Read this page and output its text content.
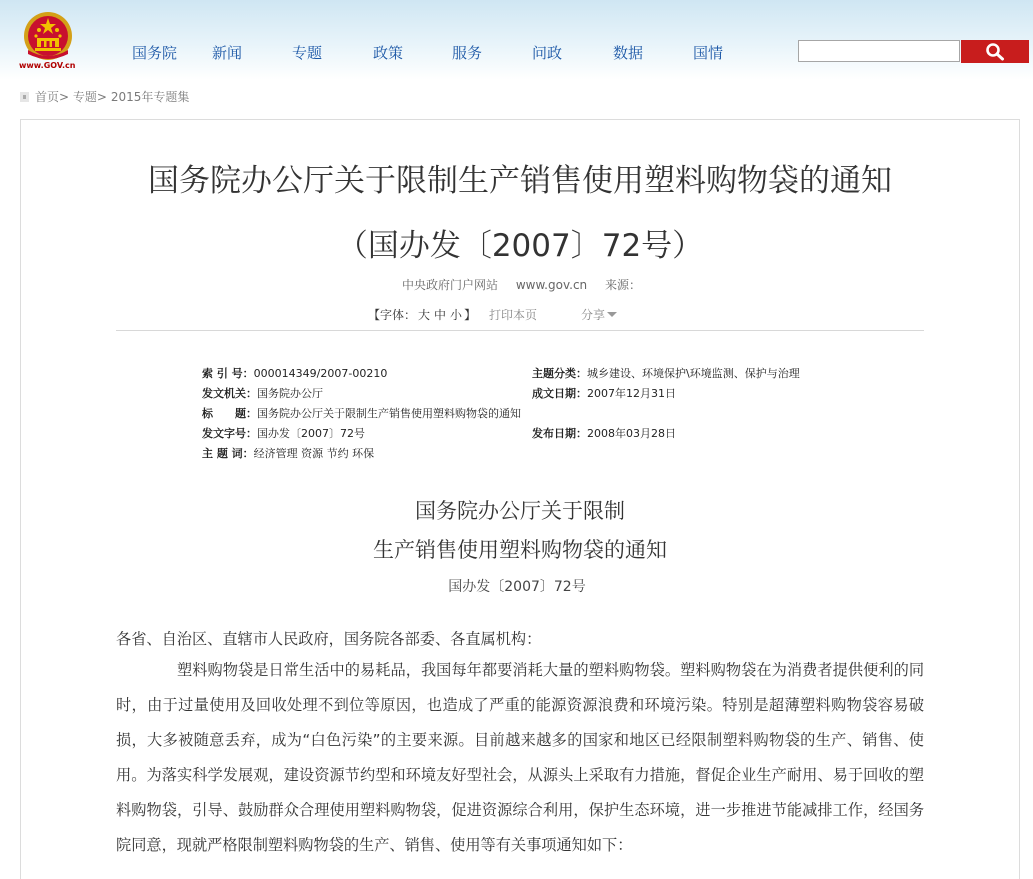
www.GOV.cn
国务院 新闻	专题	政策	服务	问政	数据	国情
首页> 专题> 2015年专题集
国务院办公厅关于限制生产销售使用塑料购物袋的通知
（国办发〔2007〕72号）
中央政府门户网站 www.gov.cn 来源：
【字体： 大 中 小 】 打印本页	分享
索 引 号：000014349/2007-00210	主题分类：城乡建设、环境保护\环境监测、保护与治理
发文机关：国务院办公厅	成文日期：2007年12月31日
标　　题：国务院办公厅关于限制生产销售使用塑料购物袋的通知
发文字号：国办发〔2007〕72号	发布日期：2008年03月28日
主 题 词：经济管理 资源 节约 环保
国务院办公厅关于限制
生产销售使用塑料购物袋的通知
国办发〔2007〕72号

各省、自治区、直辖市人民政府，国务院各部委、各直属机构：

塑料购物袋是日常生活中的易耗品，我国每年都要消耗大量的塑料购物袋。塑料购物袋在为消费者提供便利的同时，由于过量使用及回收处理不到位等原因，也造成了严重的能源资源浪费和环境污染。特别是超薄塑料购物袋容易破损，大多被随意丢弃，成为“白色污染”的主要来源。目前越来越多的国家和地区已经限制塑料购物袋的生产、销售、使用。为落实科学发展观，建设资源节约型和环境友好型社会，从源头上采取有力措施，督促企业生产耐用、易于回收的塑料购物袋，引导、鼓励群众合理使用塑料购物袋，促进资源综合利用，保护生态环境，进一步推进节能减排工作，经国务院同意，现就严格限制塑料购物袋的生产、销售、使用等有关事项通知如下：
